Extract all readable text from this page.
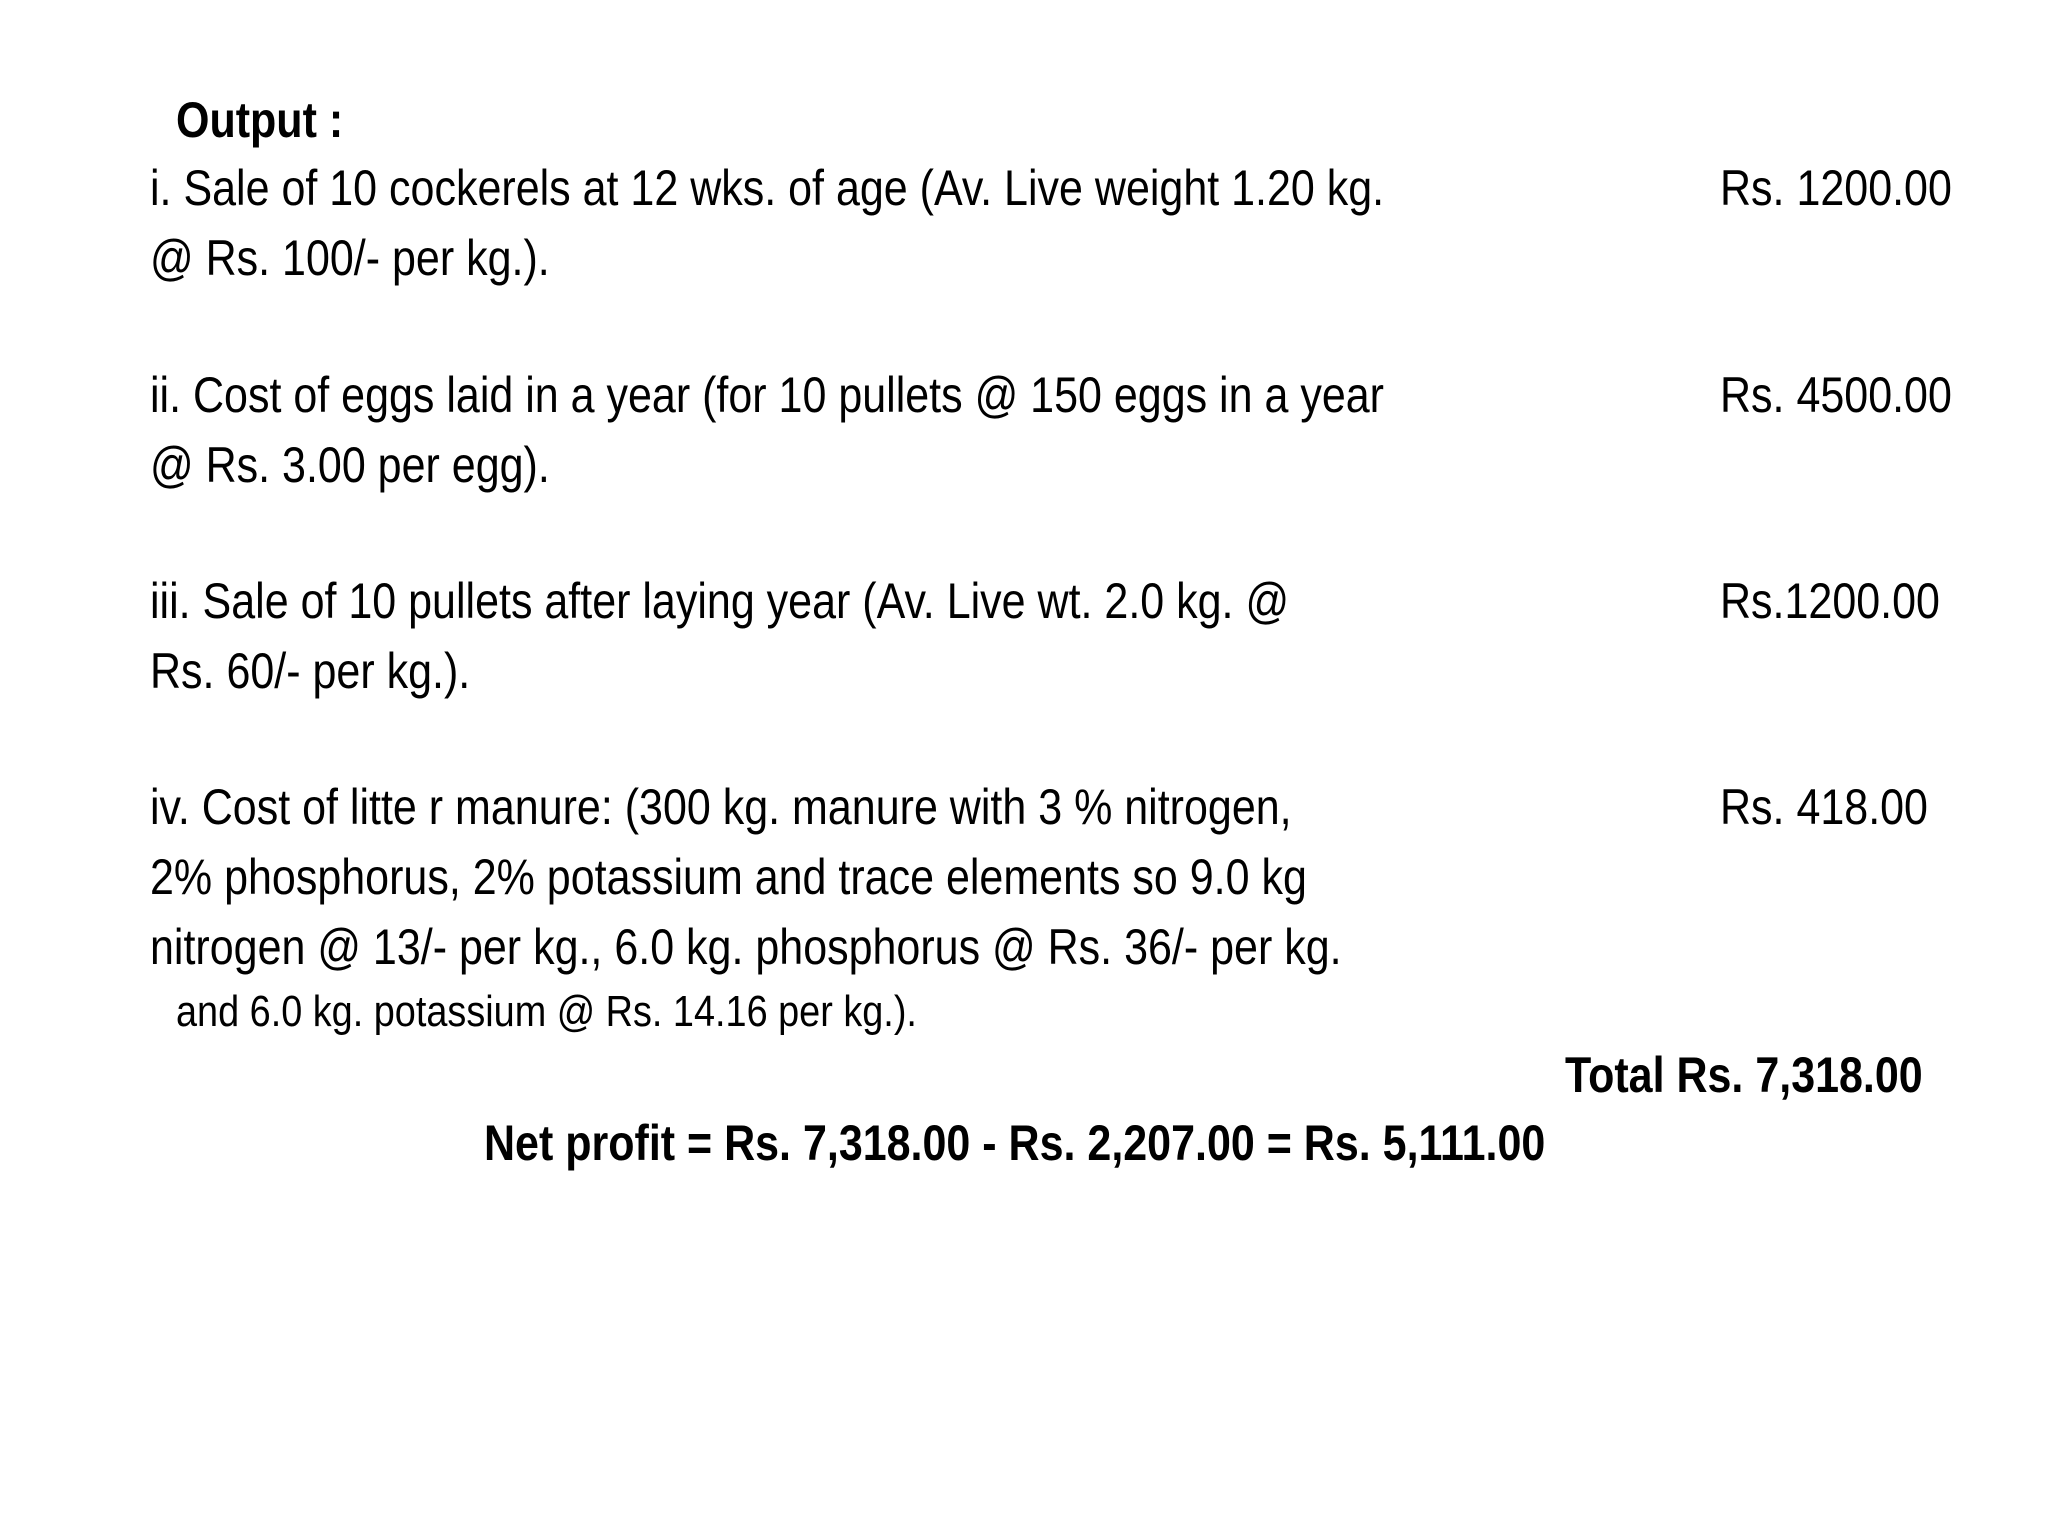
Output :
i. Sale of 10 cockerels at 12 wks. of age (Av. Live weight 1.20 kg.	Rs. 1200.00
@ Rs. 100/- per kg.).
ii. Cost of eggs laid in a year (for 10 pullets @ 150 eggs in a year	Rs. 4500.00
@ Rs. 3.00 per egg).
iii. Sale of 10 pullets after laying year (Av. Live wt. 2.0 kg. @	Rs.1200.00
Rs. 60/- per kg.).
iv. Cost of litte r manure: (300 kg. manure with 3 % nitrogen,	Rs. 418.00
2% phosphorus, 2% potassium and trace elements so 9.0 kg
nitrogen @ 13/- per kg., 6.0 kg. phosphorus @ Rs. 36/- per kg.
and 6.0 kg. potassium @ Rs. 14.16 per kg.).
Total Rs. 7,318.00
Net profit = Rs. 7,318.00 - Rs. 2,207.00 = Rs. 5,111.00
